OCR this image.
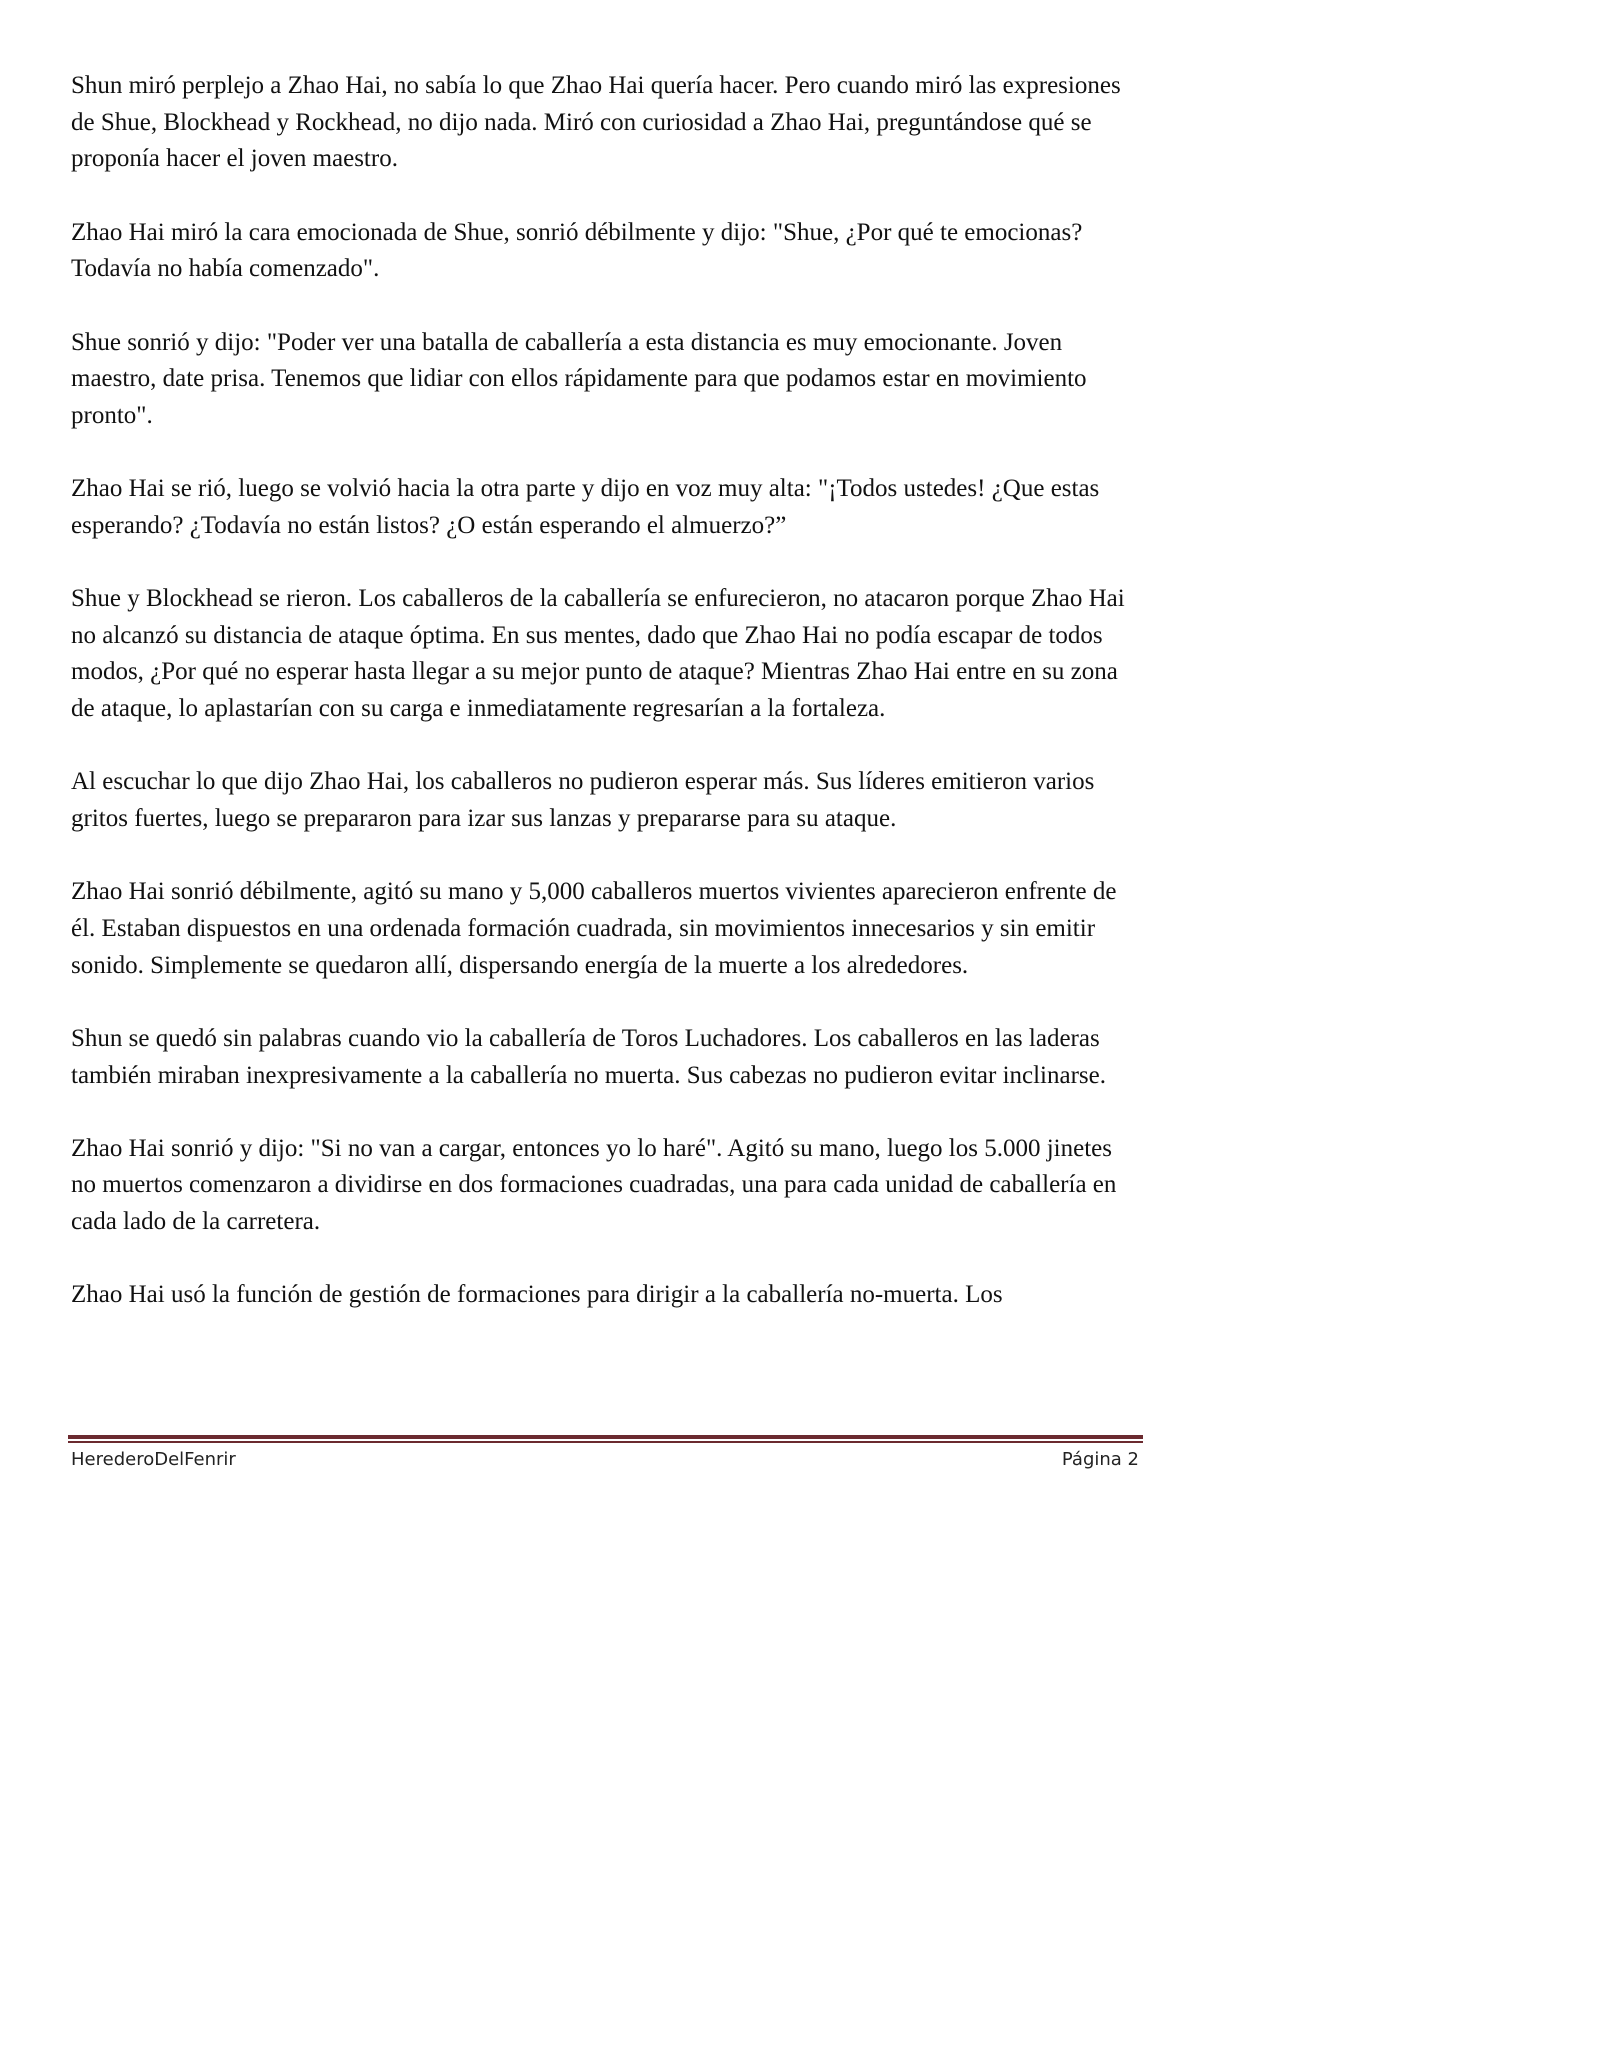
Shun miró perplejo a Zhao Hai, no sabía lo que Zhao Hai quería hacer. Pero cuando miró las expresiones de Shue, Blockhead y Rockhead, no dijo nada. Miró con curiosidad a Zhao Hai, preguntándose qué se proponía hacer el joven maestro.

Zhao Hai miró la cara emocionada de Shue, sonrió débilmente y dijo: "Shue, ¿Por qué te emocionas? Todavía no había comenzado".

Shue sonrió y dijo: "Poder ver una batalla de caballería a esta distancia es muy emocionante. Joven maestro, date prisa. Tenemos que lidiar con ellos rápidamente para que podamos estar en movimiento pronto".

Zhao Hai se rió, luego se volvió hacia la otra parte y dijo en voz muy alta: "¡Todos ustedes! ¿Que estas esperando? ¿Todavía no están listos? ¿O están esperando el almuerzo?”

Shue y Blockhead se rieron. Los caballeros de la caballería se enfurecieron, no atacaron porque Zhao Hai no alcanzó su distancia de ataque óptima. En sus mentes, dado que Zhao Hai no podía escapar de todos modos, ¿Por qué no esperar hasta llegar a su mejor punto de ataque? Mientras Zhao Hai entre en su zona de ataque, lo aplastarían con su carga e inmediatamente regresarían a la fortaleza.

Al escuchar lo que dijo Zhao Hai, los caballeros no pudieron esperar más. Sus líderes emitieron varios gritos fuertes, luego se prepararon para izar sus lanzas y prepararse para su ataque.

Zhao Hai sonrió débilmente, agitó su mano y 5,000 caballeros muertos vivientes aparecieron enfrente de él. Estaban dispuestos en una ordenada formación cuadrada, sin movimientos innecesarios y sin emitir sonido. Simplemente se quedaron allí, dispersando energía de la muerte a los alrededores.

Shun se quedó sin palabras cuando vio la caballería de Toros Luchadores. Los caballeros en las laderas también miraban inexpresivamente a la caballería no muerta. Sus cabezas no pudieron evitar inclinarse.

Zhao Hai sonrió y dijo: "Si no van a cargar, entonces yo lo haré". Agitó su mano, luego los 5.000 jinetes no muertos comenzaron a dividirse en dos formaciones cuadradas, una para cada unidad de caballería en cada lado de la carretera.

Zhao Hai usó la función de gestión de formaciones para dirigir a la caballería no-muerta. Los

HerederoDelFenrir	Página 2
